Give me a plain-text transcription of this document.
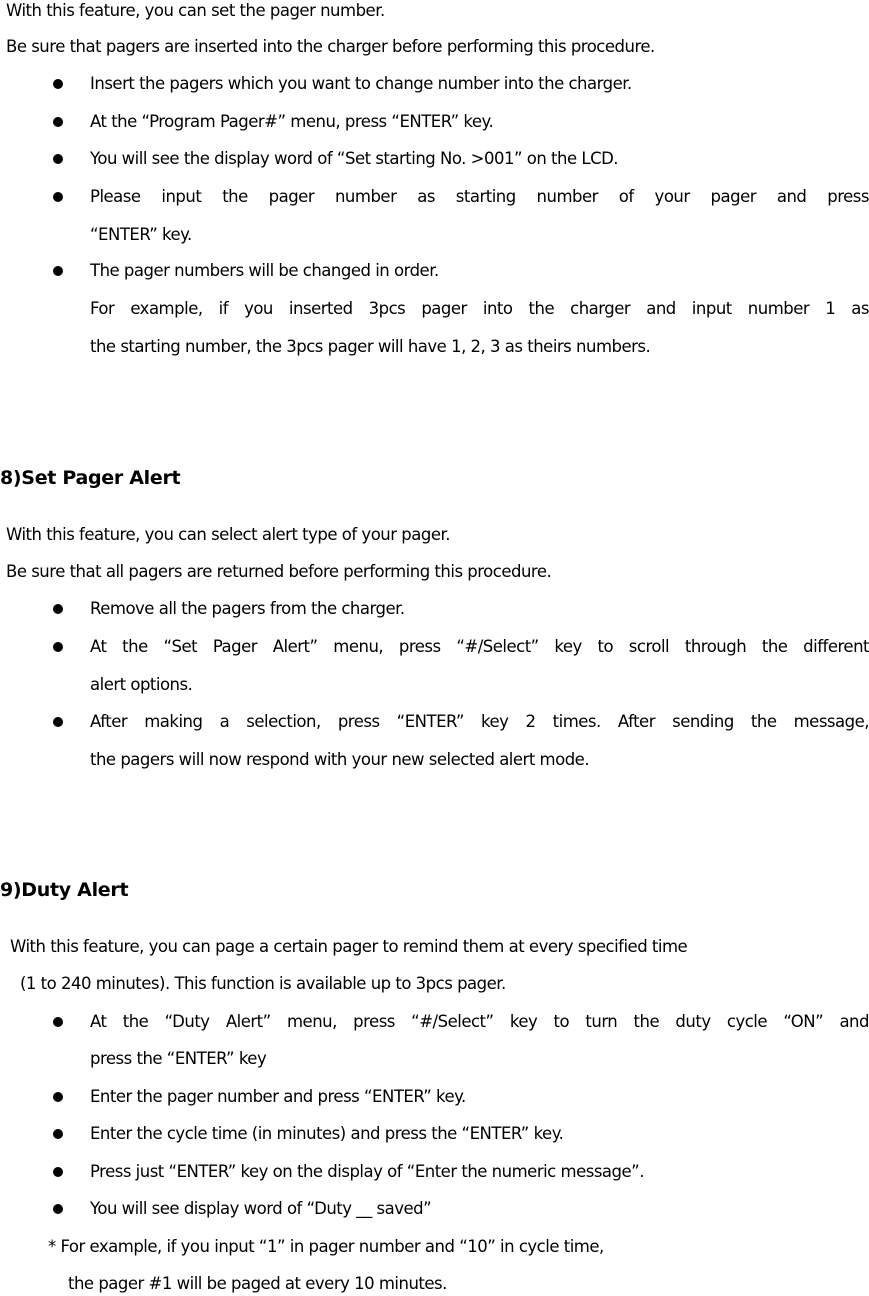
With this feature, you can set the pager number.
Be sure that pagers are inserted into the charger before performing this procedure.
Insert the pagers which you want to change number into the charger.
At the “Program Pager#” menu, press “ENTER” key.
You will see the display word of “Set starting No. >001” on the LCD.
Please input the pager number as starting number of your pager and press
“ENTER” key.
The pager numbers will be changed in order.
For example, if you inserted 3pcs pager into the charger and input number 1 as
the starting number, the 3pcs pager will have 1, 2, 3 as theirs numbers.
8)Set Pager Alert
With this feature, you can select alert type of your pager.
Be sure that all pagers are returned before performing this procedure.
Remove all the pagers from the charger.
At the “Set Pager Alert” menu, press “#/Select” key to scroll through the different
alert options.
After making a selection, press “ENTER” key 2 times. After sending the message,
the pagers will now respond with your new selected alert mode.
9)Duty Alert
With this feature, you can page a certain pager to remind them at every specified time
(1 to 240 minutes). This function is available up to 3pcs pager.
At the “Duty Alert” menu, press “#/Select” key to turn the duty cycle “ON” and
press the “ENTER” key
Enter the pager number and press “ENTER” key.
Enter the cycle time (in minutes) and press the “ENTER” key.
Press just “ENTER” key on the display of “Enter the numeric message”.
You will see display word of “Duty __ saved”
* For example, if you input “1” in pager number and “10” in cycle time,
the pager #1 will be paged at every 10 minutes.
